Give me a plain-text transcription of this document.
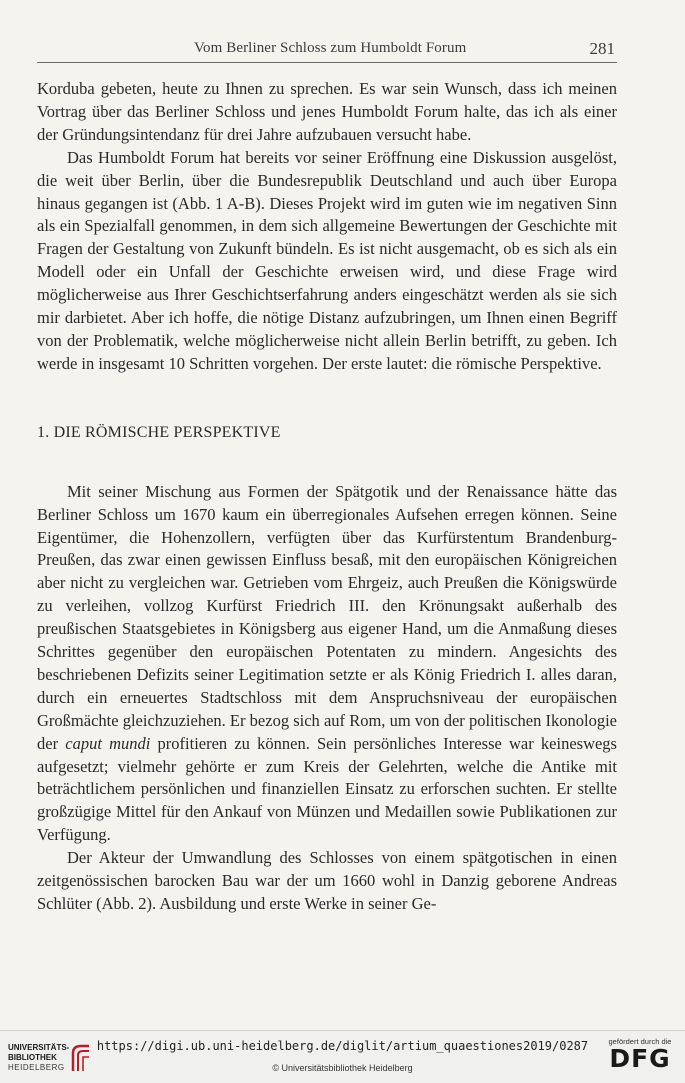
Vom Berliner Schloss zum Humboldt Forum	281

Korduba gebeten, heute zu Ihnen zu sprechen. Es war sein Wunsch, dass ich meinen Vortrag über das Berliner Schloss und jenes Humboldt Forum halte, das ich als einer der Gründungsintendanz für drei Jahre aufzubauen versucht habe.

Das Humboldt Forum hat bereits vor seiner Eröffnung eine Diskussion ausgelöst, die weit über Berlin, über die Bundesrepublik Deutschland und auch über Europa hinaus gegangen ist (Abb. 1 A-B). Dieses Projekt wird im guten wie im negativen Sinn als ein Spezialfall genommen, in dem sich allgemeine Bewertungen der Geschichte mit Fragen der Gestaltung von Zukunft bündeln. Es ist nicht ausgemacht, ob es sich als ein Modell oder ein Unfall der Geschichte erweisen wird, und diese Frage wird möglicherweise aus Ihrer Geschichtserfahrung anders eingeschätzt werden als sie sich mir darbietet. Aber ich hoffe, die nötige Distanz aufzubringen, um Ihnen einen Begriff von der Problematik, welche möglicherweise nicht allein Berlin betrifft, zu geben. Ich werde in insgesamt 10 Schritten vorgehen. Der erste lautet: die römische Perspektive.

1. DIE RÖMISCHE PERSPEKTIVE

Mit seiner Mischung aus Formen der Spätgotik und der Renaissance hätte das Berliner Schloss um 1670 kaum ein überregionales Aufsehen erregen können. Seine Eigentümer, die Hohenzollern, verfügten über das Kurfürstentum Brandenburg-Preußen, das zwar einen gewissen Einfluss besaß, mit den europäischen Königreichen aber nicht zu vergleichen war. Getrieben vom Ehrgeiz, auch Preußen die Königswürde zu verleihen, vollzog Kurfürst Friedrich III. den Krönungsakt außerhalb des preußischen Staatsgebietes in Königsberg aus eigener Hand, um die Anmaßung dieses Schrittes gegenüber den europäischen Potentaten zu mindern. Angesichts des beschriebenen Defizits seiner Legitimation setzte er als König Friedrich I. alles daran, durch ein erneuertes Stadtschloss mit dem Anspruchsniveau der europäischen Großmächte gleichzuziehen. Er bezog sich auf Rom, um von der politischen Ikonologie der caput mundi profitieren zu können. Sein persönliches Interesse war keineswegs aufgesetzt; vielmehr gehörte er zum Kreis der Gelehrten, welche die Antike mit beträchtlichem persönlichen und finanziellen Einsatz zu erforschen suchten. Er stellte großzügige Mittel für den Ankauf von Münzen und Medaillen sowie Publikationen zur Verfügung.

Der Akteur der Umwandlung des Schlosses von einem spätgotischen in einen zeitgenössischen barocken Bau war der um 1660 wohl in Danzig geborene Andreas Schlüter (Abb. 2). Ausbildung und erste Werke in seiner Ge-

UNIVERSITÄTS-
BIBLIOTHEK
HEIDELBERG
https://digi.ub.uni-heidelberg.de/diglit/artium_quaestiones2019/0287
© Universitätsbibliothek Heidelberg
gefördert durch die
DFG
